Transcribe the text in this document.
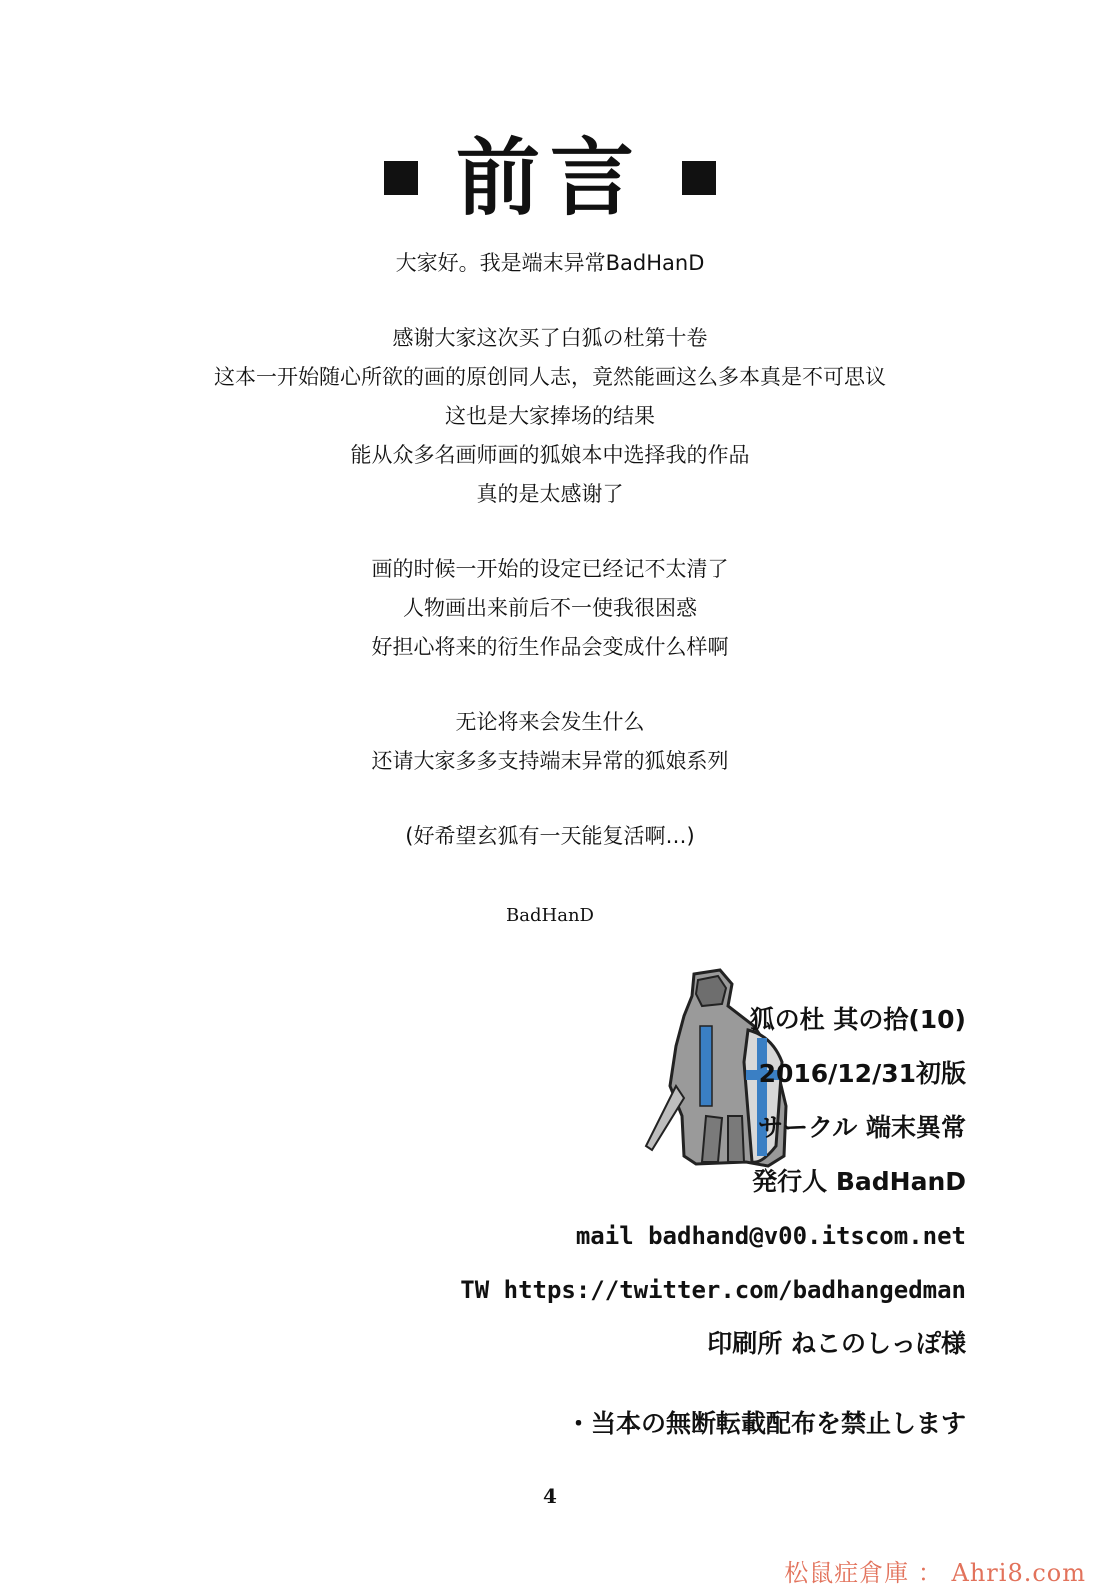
前言
大家好。我是端末异常BadHanD
感谢大家这次买了白狐の杜第十卷
这本一开始随心所欲的画的原创同人志，竟然能画这么多本真是不可思议
这也是大家捧场的结果
能从众多名画师画的狐娘本中选择我的作品
真的是太感谢了
画的时候一开始的设定已经记不太清了
人物画出来前后不一使我很困惑
好担心将来的衍生作品会变成什么样啊
无论将来会发生什么
还请大家多多支持端末异常的狐娘系列
(好希望玄狐有一天能复活啊…)
BadHanD
狐の杜 其の拾(10)
2016/12/31初版
サークル 端末異常
発行人 BadHanD
mail badhand@v00.itscom.net
TW https://twitter.com/badhangedman
印刷所 ねこのしっぽ様
・当本の無断転載配布を禁止します
4
松鼠症倉庫 ： Ahri8.com
